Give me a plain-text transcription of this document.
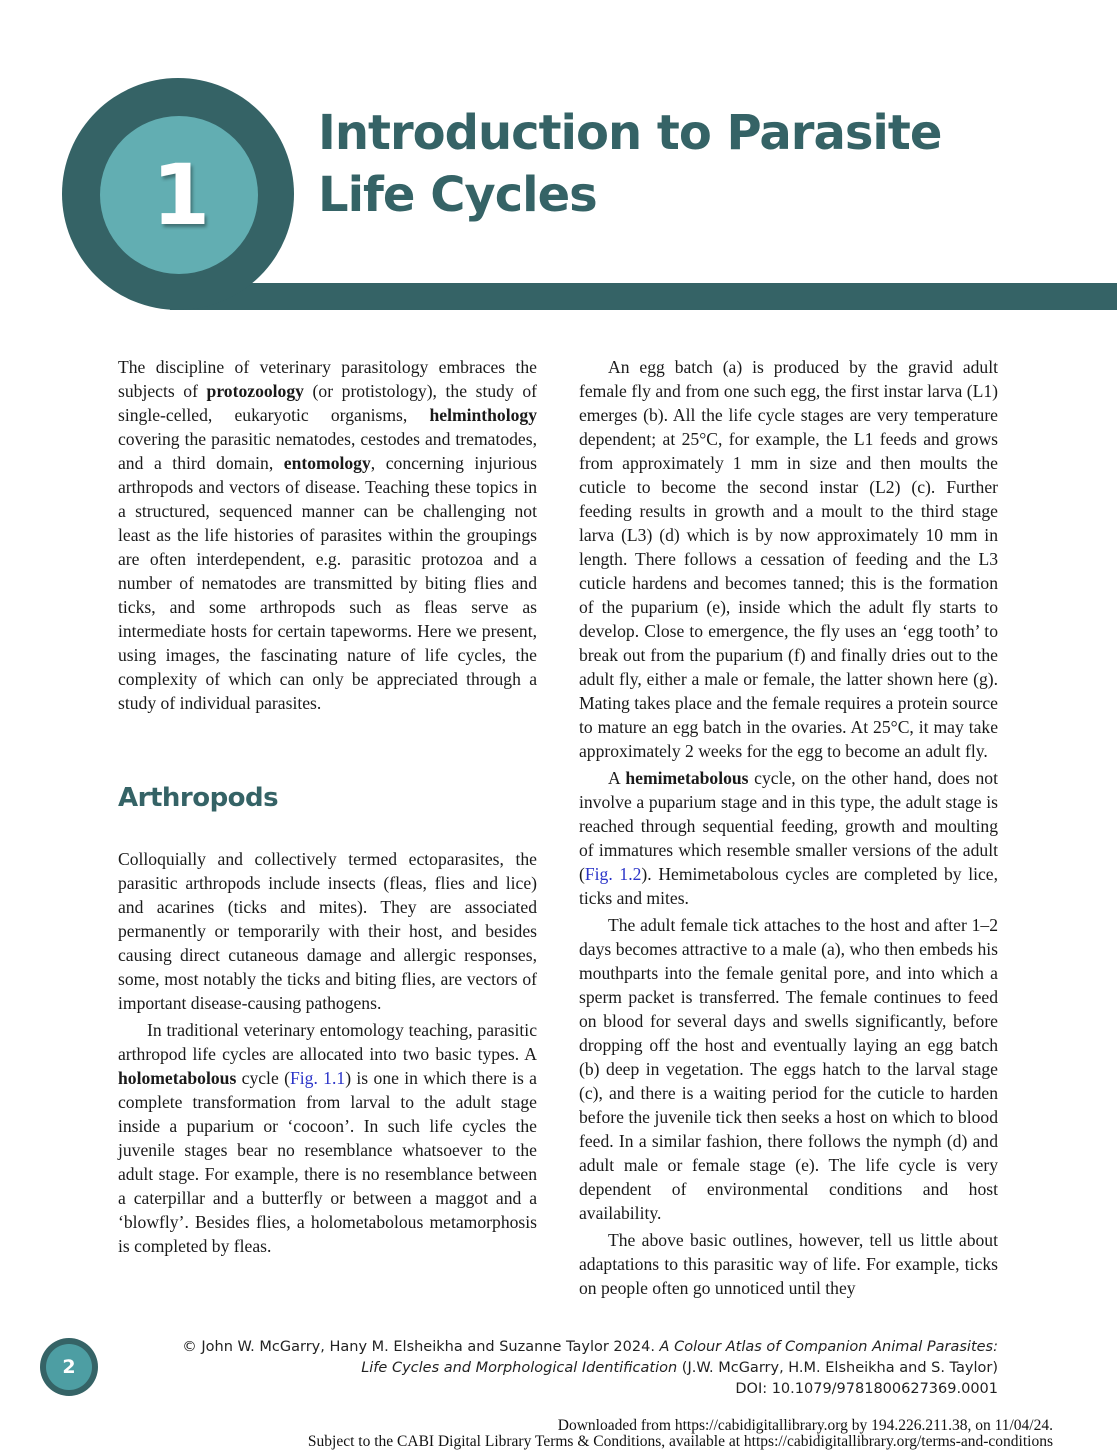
1
Introduction to Parasite
Life Cycles

The discipline of veterinary parasitology embraces the subjects of protozoology (or protistology), the study of single-celled, eukaryotic organisms, helminthology covering the parasitic nematodes, cestodes and trematodes, and a third domain, entomology, concerning injurious arthropods and vectors of disease. Teaching these topics in a structured, sequenced manner can be challenging not least as the life histories of parasites within the groupings are often interdependent, e.g. parasitic protozoa and a number of nematodes are transmitted by biting flies and ticks, and some arthropods such as fleas serve as intermediate hosts for certain tapeworms. Here we present, using images, the fascinating nature of life cycles, the complexity of which can only be appreciated through a study of individual parasites.

Arthropods

Colloquially and collectively termed ectoparasites, the parasitic arthropods include insects (fleas, flies and lice) and acarines (ticks and mites). They are associated permanently or temporarily with their host, and besides causing direct cutaneous damage and allergic responses, some, most notably the ticks and biting flies, are vectors of important disease-causing pathogens.

In traditional veterinary entomology teaching, parasitic arthropod life cycles are allocated into two basic types. A holometabolous cycle (Fig. 1.1) is one in which there is a complete transformation from larval to the adult stage inside a puparium or ‘cocoon’. In such life cycles the juvenile stages bear no resemblance whatsoever to the adult stage. For example, there is no resemblance between a caterpillar and a butterfly or between a maggot and a ‘blowfly’. Besides flies, a holometabolous metamorphosis is completed by fleas.

An egg batch (a) is produced by the gravid adult female fly and from one such egg, the first instar larva (L1) emerges (b). All the life cycle stages are very temperature dependent; at 25°C, for example, the L1 feeds and grows from approximately 1 mm in size and then moults the cuticle to become the second instar (L2) (c). Further feeding results in growth and a moult to the third stage larva (L3) (d) which is by now approximately 10 mm in length. There follows a cessation of feeding and the L3 cuticle hardens and becomes tanned; this is the formation of the puparium (e), inside which the adult fly starts to develop. Close to emergence, the fly uses an ‘egg tooth’ to break out from the puparium (f) and finally dries out to the adult fly, either a male or female, the latter shown here (g). Mating takes place and the female requires a protein source to mature an egg batch in the ovaries. At 25°C, it may take approximately 2 weeks for the egg to become an adult fly.

A hemimetabolous cycle, on the other hand, does not involve a puparium stage and in this type, the adult stage is reached through sequential feeding, growth and moulting of immatures which resemble smaller versions of the adult (Fig. 1.2). Hemimetabolous cycles are completed by lice, ticks and mites.

The adult female tick attaches to the host and after 1–2 days becomes attractive to a male (a), who then embeds his mouthparts into the female genital pore, and into which a sperm packet is transferred. The female continues to feed on blood for several days and swells significantly, before dropping off the host and eventually laying an egg batch (b) deep in vegetation. The eggs hatch to the larval stage (c), and there is a waiting period for the cuticle to harden before the juvenile tick then seeks a host on which to blood feed. In a similar fashion, there follows the nymph (d) and adult male or female stage (e). The life cycle is very dependent of environmental conditions and host availability.

The above basic outlines, however, tell us little about adaptations to this parasitic way of life. For example, ticks on people often go unnoticed until they

2
© John W. McGarry, Hany M. Elsheikha and Suzanne Taylor 2024. A Colour Atlas of Companion Animal Parasites:
Life Cycles and Morphological Identification (J.W. McGarry, H.M. Elsheikha and S. Taylor)
DOI: 10.1079/9781800627369.0001
Downloaded from https://cabidigitallibrary.org by 194.226.211.38, on 11/04/24.
Subject to the CABI Digital Library Terms & Conditions, available at https://cabidigitallibrary.org/terms-and-conditions
